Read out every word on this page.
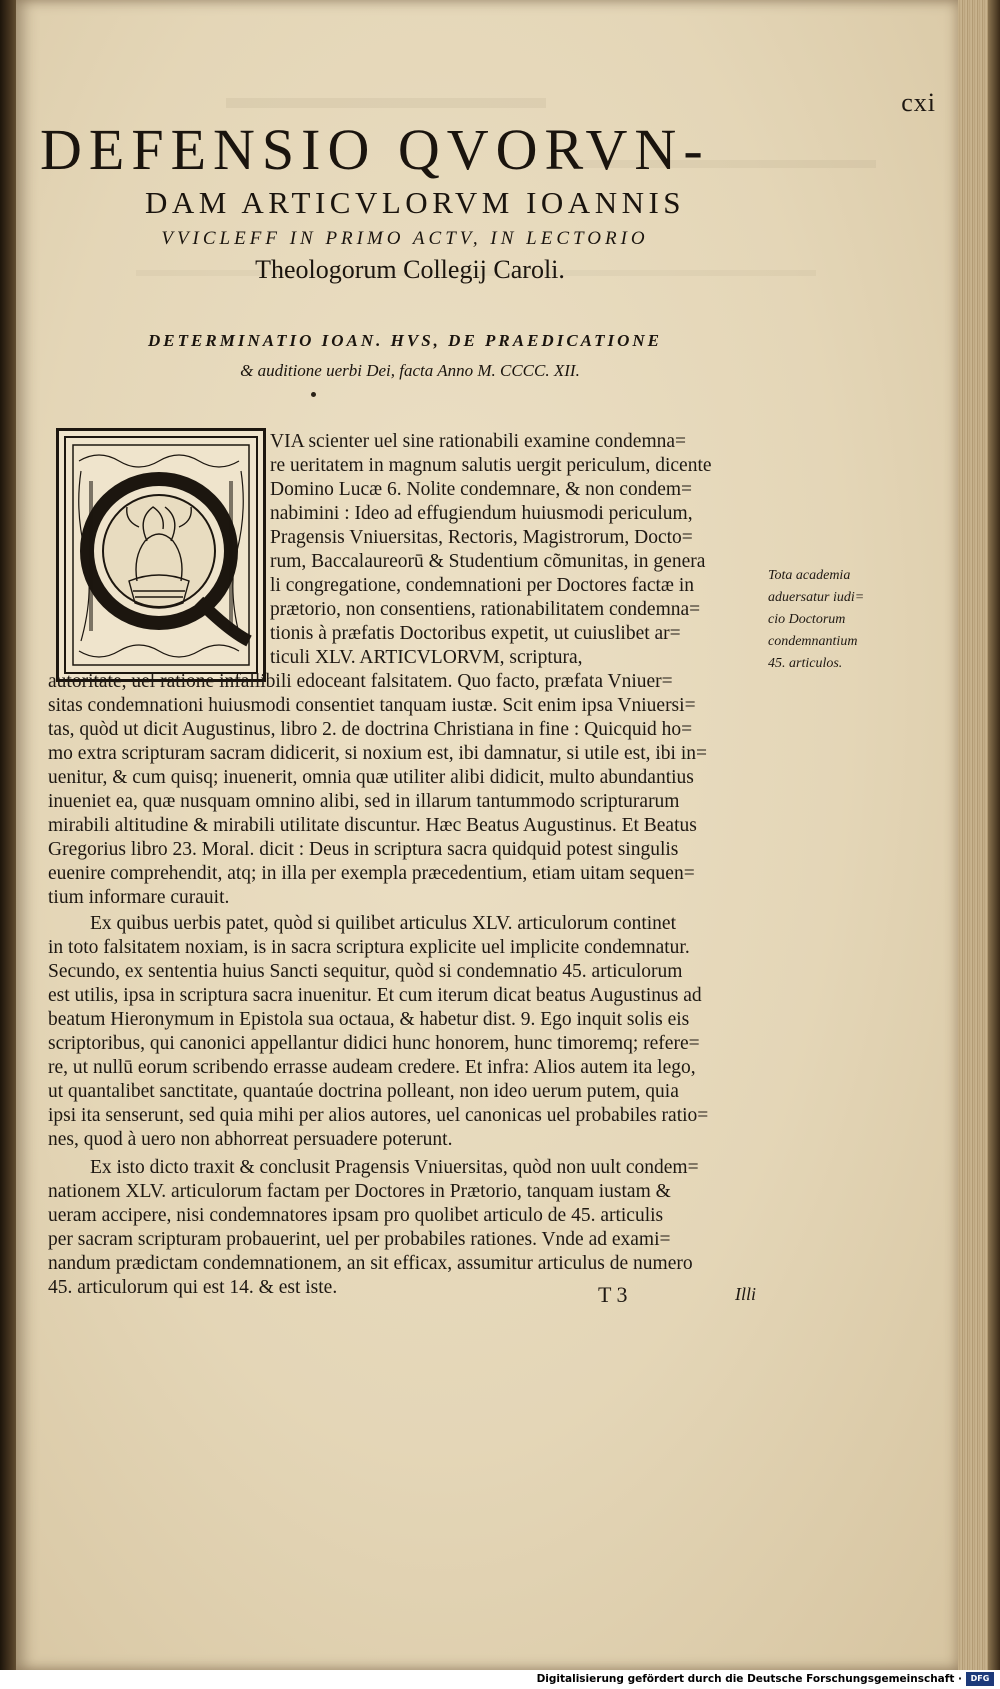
cxi
DEFENSIO QVORVN-
DAM ARTICVLORVM IOANNIS
VVICLEFF IN PRIMO ACTV, IN LECTORIO
Theologorum Collegij Caroli.
DETERMINATIO IOAN. HVS, DE PRAEDICATIONE
& auditione uerbi Dei, facta Anno M. CCCC. XII.
VIA scienter uel sine rationabili examine condemna=
re ueritatem in magnum salutis uergit periculum, dicente
Domino Lucæ 6. Nolite condemnare, & non condem=
nabimini : Ideo ad effugiendum huiusmodi periculum,
Pragensis Vniuersitas, Rectoris, Magistrorum, Docto=
rum, Baccalaureorū & Studentium cõmunitas, in genera
li congregatione, condemnationi per Doctores factæ in
prætorio, non consentiens, rationabilitatem condemna=
tionis à præfatis Doctoribus expetit, ut cuiuslibet ar=
ticuli XLV. ARTICVLORVM, scriptura,
autoritate, uel ratione infallibili edoceant falsitatem. Quo facto, præfata Vniuer=
sitas condemnationi huiusmodi consentiet tanquam iustæ. Scit enim ipsa Vniuersi=
tas, quòd ut dicit Augustinus, libro 2. de doctrina Christiana in fine : Quicquid ho=
mo extra scripturam sacram didicerit, si noxium est, ibi damnatur, si utile est, ibi in=
uenitur, & cum quisq; inuenerit, omnia quæ utiliter alibi didicit, multo abundantius
inueniet ea, quæ nusquam omnino alibi, sed in illarum tantummodo scripturarum
mirabili altitudine & mirabili utilitate discuntur. Hæc Beatus Augustinus. Et Beatus
Gregorius libro 23. Moral. dicit : Deus in scriptura sacra quidquid potest singulis
euenire comprehendit, atq; in illa per exempla præcedentium, etiam uitam sequen=
tium informare curauit.
Tota academia
aduersatur iudi=
cio Doctorum
condemnantium
45. articulos.
Ex quibus uerbis patet, quòd si quilibet articulus XLV. articulorum continet
in toto falsitatem noxiam, is in sacra scriptura explicite uel implicite condemnatur.
Secundo, ex sententia huius Sancti sequitur, quòd si condemnatio 45. articulorum
est utilis, ipsa in scriptura sacra inuenitur. Et cum iterum dicat beatus Augustinus ad
beatum Hieronymum in Epistola sua octaua, & habetur dist. 9. Ego inquit solis eis
scriptoribus, qui canonici appellantur didici hunc honorem, hunc timoremq; refere=
re, ut nullū eorum scribendo errasse audeam credere. Et infra: Alios autem ita lego,
ut quantalibet sanctitate, quantaúe doctrina polleant, non ideo uerum putem, quia
ipsi ita senserunt, sed quia mihi per alios autores, uel canonicas uel probabiles ratio=
nes, quod à uero non abhorreat persuadere poterunt.
Ex isto dicto traxit & conclusit Pragensis Vniuersitas, quòd non uult condem=
nationem XLV. articulorum factam per Doctores in Prætorio, tanquam iustam &
ueram accipere, nisi condemnatores ipsam pro quolibet articulo de 45. articulis
per sacram scripturam probauerint, uel per probabiles rationes. Vnde ad exami=
nandum prædictam condemnationem, an sit efficax, assumitur articulus de numero
45. articulorum qui est 14. & est iste.	T 3	Illi
Digitalisierung gefördert durch die Deutsche Forschungsgemeinschaft ·	DFG
